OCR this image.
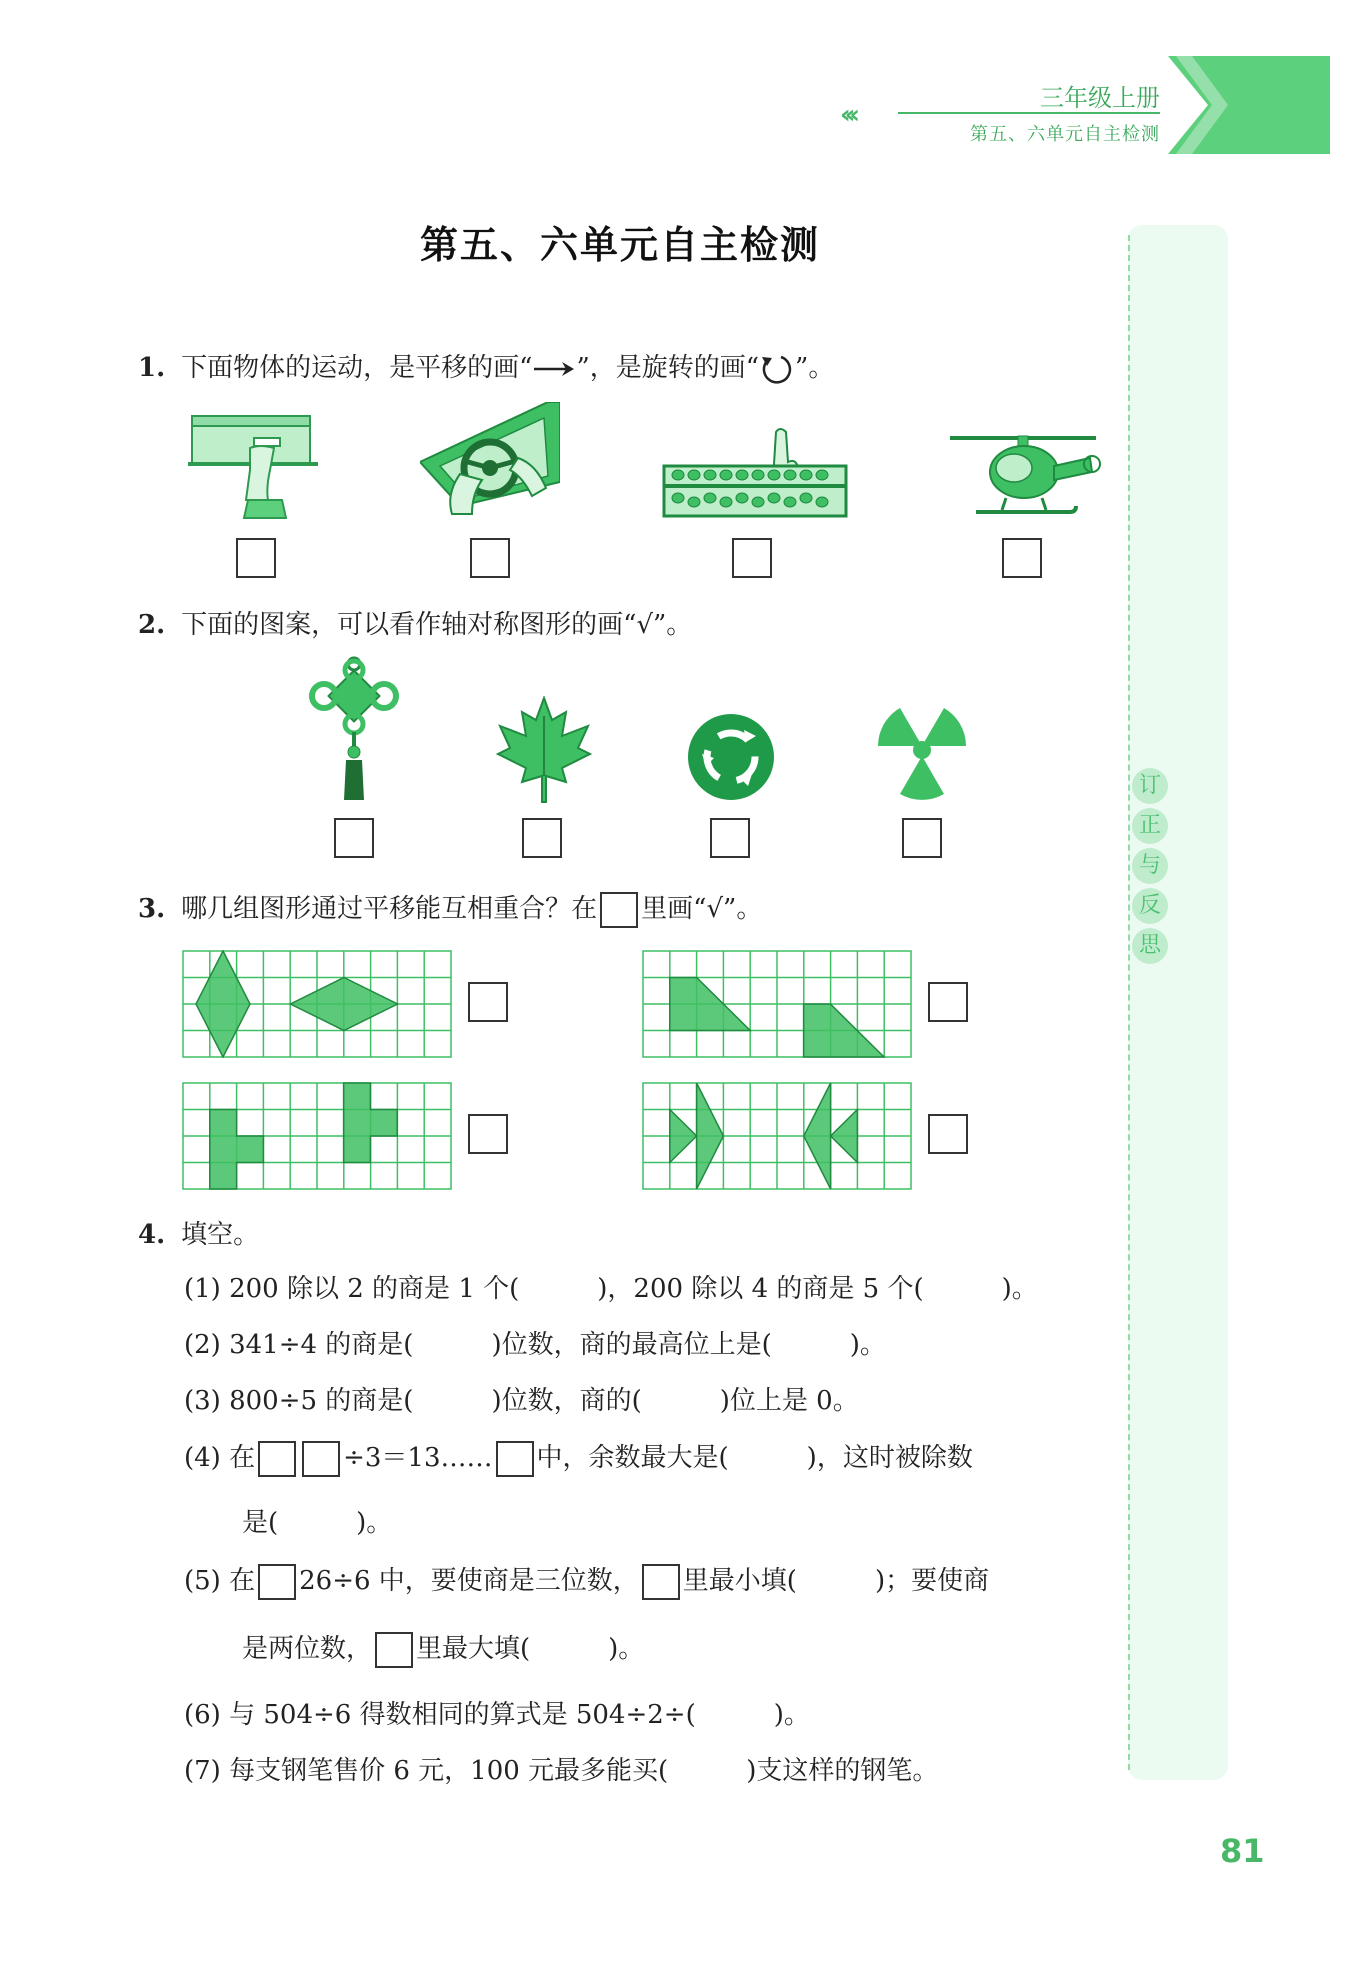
‹‹‹
三年级上册
第五、六单元自主检测
订
正
与
反
思
第五、六单元自主检测
1. 下面物体的运动，是平移的画“ ”，是旋转的画“ ”。
2. 下面的图案，可以看作轴对称图形的画“√”。
3. 哪几组图形通过平移能互相重合？在 里画“√”。
4. 填空。
(1) 200 除以 2 的商是 1 个(　　　)，200 除以 4 的商是 5 个(　　　)。
(2) 341÷4 的商是(　　　)位数，商的最高位上是(　　　)。
(3) 800÷5 的商是(　　　)位数，商的(　　　)位上是 0。
(4) 在	÷3＝13…… 中，余数最大是(　　　)，这时被除数
是(　　　)。
(5) 在 26÷6 中，要使商是三位数， 里最小填(　　　)；要使商
是两位数， 里最大填(　　　)。
(6) 与 504÷6 得数相同的算式是 504÷2÷(　　　)。
(7) 每支钢笔售价 6 元，100 元最多能买(　　　)支这样的钢笔。
81
